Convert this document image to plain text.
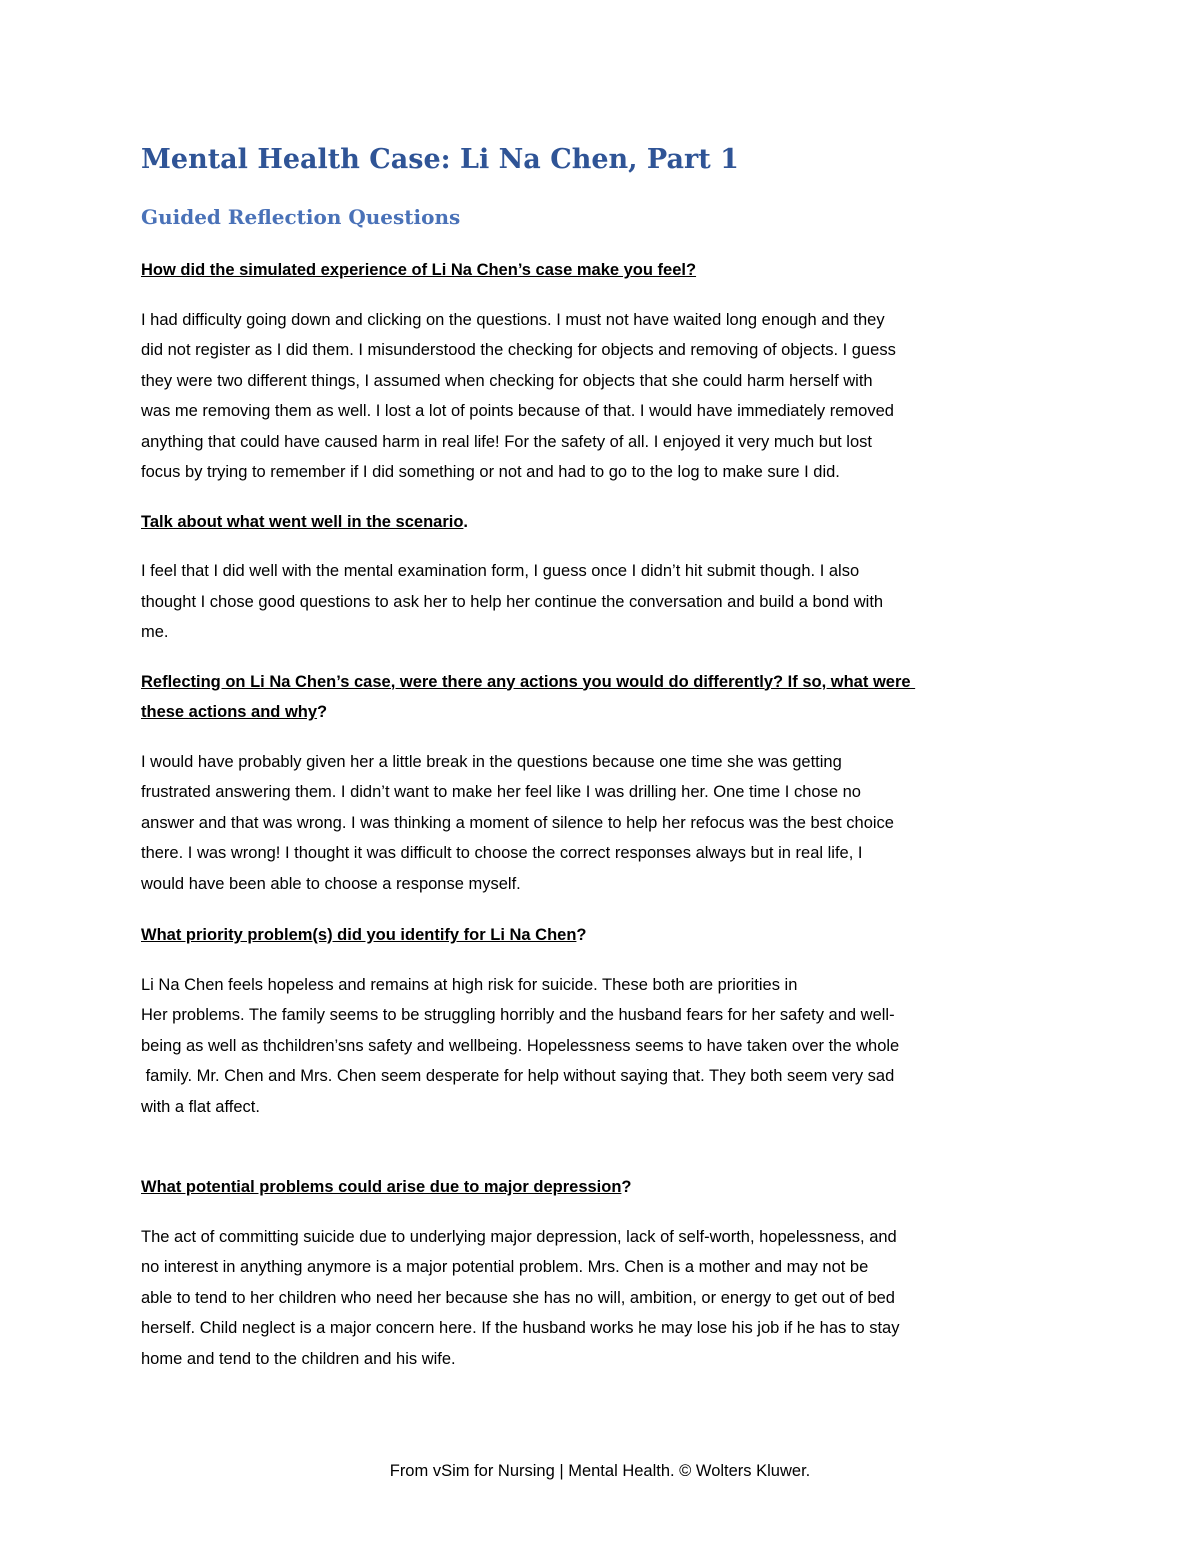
Mental Health Case: Li Na Chen, Part 1
Guided Reflection Questions

How did the simulated experience of Li Na Chen’s case make you feel?

I had difficulty going down and clicking on the questions. I must not have waited long enough and they
did not register as I did them. I misunderstood the checking for objects and removing of objects. I guess
they were two different things, I assumed when checking for objects that she could harm herself with
was me removing them as well. I lost a lot of points because of that. I would have immediately removed
anything that could have caused harm in real life! For the safety of all. I enjoyed it very much but lost
focus by trying to remember if I did something or not and had to go to the log to make sure I did.

Talk about what went well in the scenario.

I feel that I did well with the mental examination form, I guess once I didn’t hit submit though. I also
thought I chose good questions to ask her to help her continue the conversation and build a bond with
me.

Reflecting on Li Na Chen’s case, were there any actions you would do differently? If so, what were
these actions and why?

I would have probably given her a little break in the questions because one time she was getting
frustrated answering them. I didn’t want to make her feel like I was drilling her. One time I chose no
answer and that was wrong. I was thinking a moment of silence to help her refocus was the best choice
there. I was wrong! I thought it was difficult to choose the correct responses always but in real life, I
would have been able to choose a response myself.

What priority problem(s) did you identify for Li Na Chen?

Li Na Chen feels hopeless and remains at high risk for suicide. These both are priorities in
Her problems. The family seems to be struggling horribly and the husband fears for her safety and well-
being as well as thchildren’sns safety and wellbeing. Hopelessness seems to have taken over the whole
family. Mr. Chen and Mrs. Chen seem desperate for help without saying that. They both seem very sad
with a flat affect.

What potential problems could arise due to major depression?

The act of committing suicide due to underlying major depression, lack of self-worth, hopelessness, and
no interest in anything anymore is a major potential problem. Mrs. Chen is a mother and may not be
able to tend to her children who need her because she has no will, ambition, or energy to get out of bed
herself. Child neglect is a major concern here. If the husband works he may lose his job if he has to stay
home and tend to the children and his wife.
From vSim for Nursing | Mental Health. © Wolters Kluwer.
